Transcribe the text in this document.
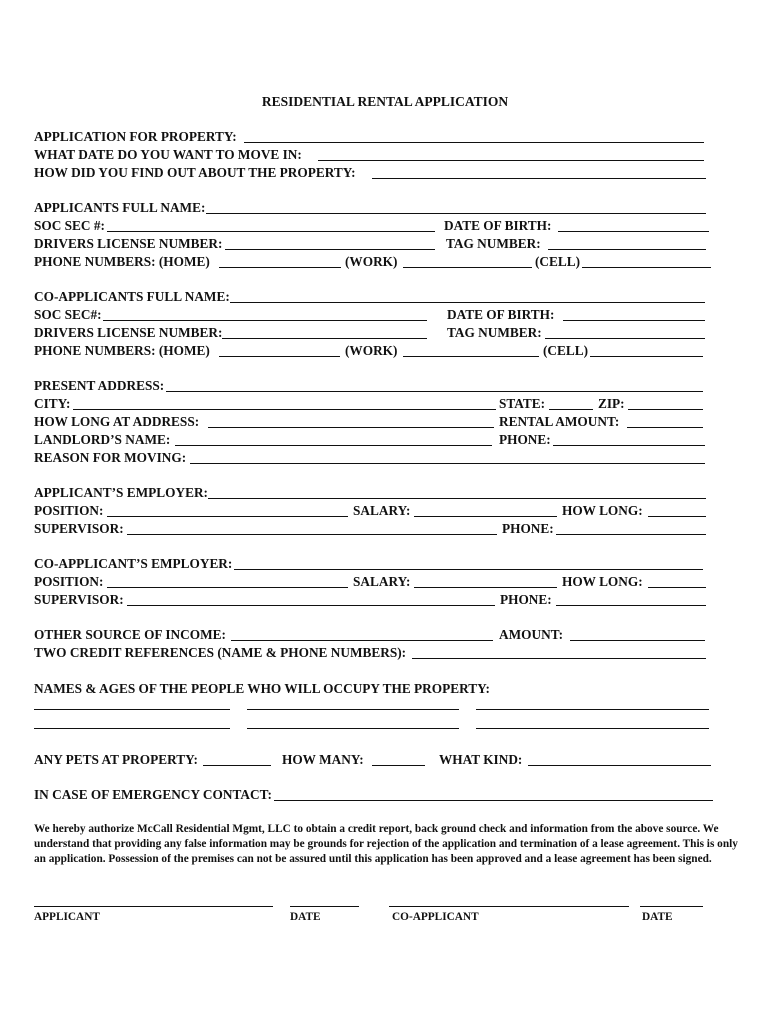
RESIDENTIAL RENTAL APPLICATION
APPLICATION FOR PROPERTY:
WHAT DATE DO YOU WANT TO MOVE IN:
HOW DID YOU FIND OUT ABOUT THE PROPERTY:
APPLICANTS FULL NAME:
SOC SEC #:	DATE OF BIRTH:
DRIVERS LICENSE NUMBER:	TAG NUMBER:
PHONE NUMBERS: (HOME)	(WORK)	(CELL)
CO-APPLICANTS FULL NAME:
SOC SEC#:	DATE OF BIRTH:
DRIVERS LICENSE NUMBER:	TAG NUMBER:
PHONE NUMBERS: (HOME)	(WORK)	(CELL)
PRESENT ADDRESS:
CITY:	STATE:	ZIP:
HOW LONG AT ADDRESS:	RENTAL AMOUNT:
LANDLORD’S NAME:	PHONE:
REASON FOR MOVING:
APPLICANT’S EMPLOYER:
POSITION:	SALARY:	HOW LONG:
SUPERVISOR:	PHONE:
CO-APPLICANT’S EMPLOYER:
POSITION:	SALARY:	HOW LONG:
SUPERVISOR:	PHONE:
OTHER SOURCE OF INCOME:	AMOUNT:
TWO CREDIT REFERENCES (NAME & PHONE NUMBERS):
NAMES & AGES OF THE PEOPLE WHO WILL OCCUPY THE PROPERTY:
ANY PETS AT PROPERTY:	HOW MANY:	WHAT KIND:
IN CASE OF EMERGENCY CONTACT:
We hereby authorize McCall Residential Mgmt, LLC to obtain a credit report, back ground check and information from the above source. We understand that providing any false information may be grounds for rejection of the application and termination of a lease agreement. This is only an application. Possession of the premises can not be assured until this application has been approved and a lease agreement has been signed.
APPLICANT	DATE	CO-APPLICANT	DATE
